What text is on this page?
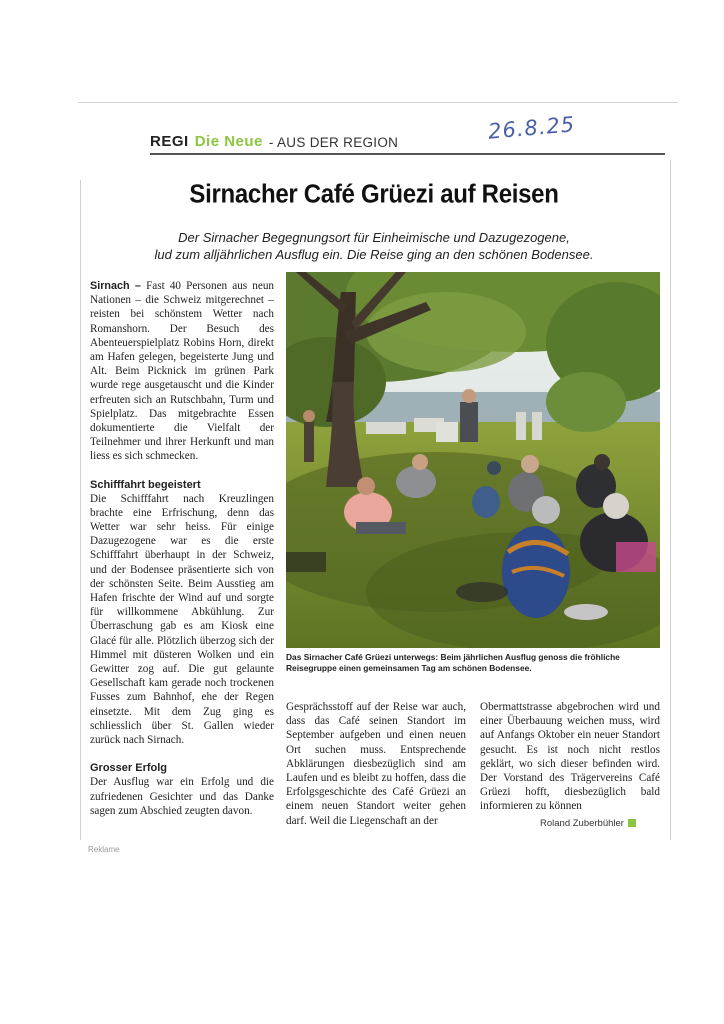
REGI Die Neue - AUS DER REGION	26.8.25
Sirnacher Café Grüezi auf Reisen
Der Sirnacher Begegnungsort für Einheimische und Dazugezogene,
lud zum alljährlichen Ausflug ein. Die Reise ging an den schönen Bodensee.

Sirnach – Fast 40 Personen aus neun Nationen – die Schweiz mitgerechnet – reisten bei schönstem Wetter nach Romanshorn. Der Besuch des Abenteuerspielplatz Robins Horn, direkt am Hafen gelegen, begeisterte Jung und Alt. Beim Picknick im grünen Park wurde rege ausgetauscht und die Kinder erfreuten sich an Rutschbahn, Turm und Spielplatz. Das mitgebrachte Essen dokumentierte die Vielfalt der Teilnehmer und ihrer Herkunft und man liess es sich schmecken.

Schifffahrt begeistert

Die Schifffahrt nach Kreuzlingen brachte eine Erfrischung, denn das Wetter war sehr heiss. Für einige Dazugezogene war es die erste Schifffahrt überhaupt in der Schweiz, und der Bodensee präsentierte sich von der schönsten Seite. Beim Ausstieg am Hafen frischte der Wind auf und sorgte für willkommene Abkühlung. Zur Überraschung gab es am Kiosk eine Glacé für alle. Plötzlich überzog sich der Himmel mit düsteren Wolken und ein Gewitter zog auf. Die gut gelaunte Gesellschaft kam gerade noch trockenen Fusses zum Bahnhof, ehe der Regen einsetzte. Mit dem Zug ging es schliesslich über St. Gallen wieder zurück nach Sirnach.

Grosser Erfolg

Der Ausflug war ein Erfolg und die zufriedenen Gesichter und das Danke sagen zum Abschied zeugten davon.

Das Sirnacher Café Grüezi unterwegs: Beim jährlichen Ausflug genoss die fröhliche Reisegruppe einen gemeinsamen Tag am schönen Bodensee.

Gesprächsstoff auf der Reise war auch, dass das Café seinen Standort im September aufgeben und einen neuen Ort suchen muss. Entsprechende Abklärungen diesbezüglich sind am Laufen und es bleibt zu hoffen, dass die Erfolgsgeschichte des Café Grüezi an einem neuen Standort weiter gehen darf. Weil die Liegenschaft an der

Obermattstrasse abgebrochen wird und einer Überbauung weichen muss, wird auf Anfangs Oktober ein neuer Standort gesucht. Es ist noch nicht restlos geklärt, wo sich dieser befinden wird. Der Vorstand des Trägervereins Café Grüezi hofft, diesbezüglich bald informieren zu können

Roland Zuberbühler
Reklame
